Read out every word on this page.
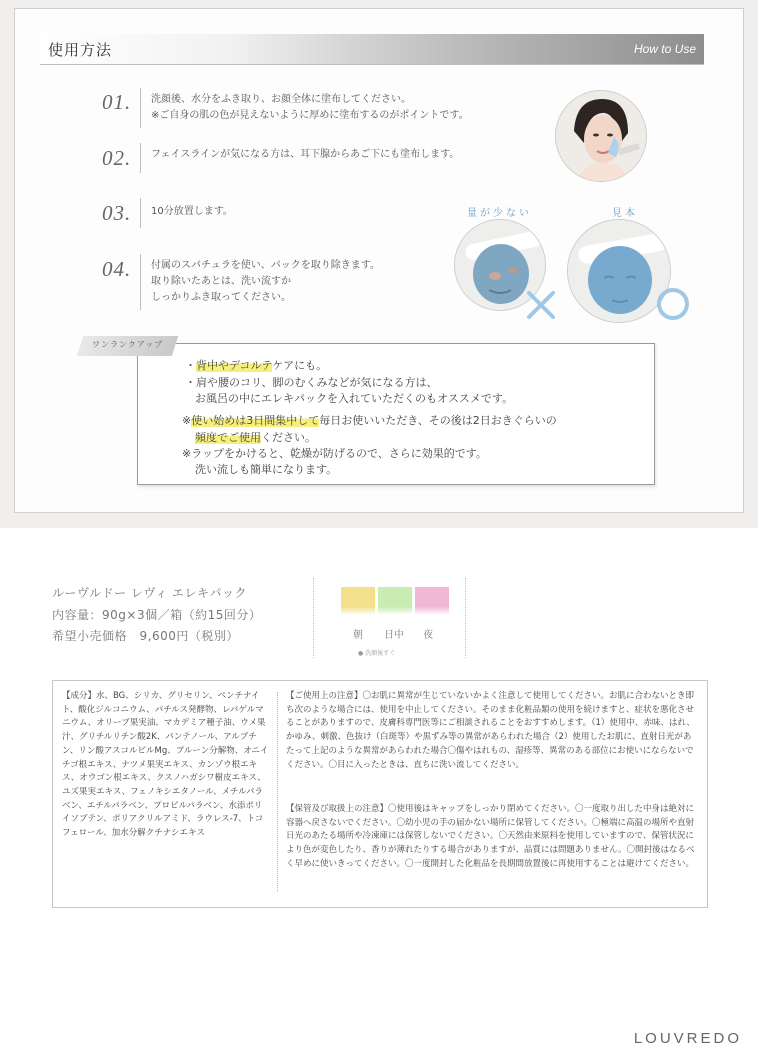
使用方法	How to Use
01. 洗顔後、水分をふき取り、お顔全体に塗布してください。
※ご自身の肌の色が見えないように厚めに塗布するのがポイントです。
02. フェイスラインが気になる方は、耳下腺からあご下にも塗布します。
03. 10分放置します。
04. 付属のスパチュラを使い、パックを取り除きます。
取り除いたあとは、洗い流すか
しっかりふき取ってください。
量が少ない	見本
ワンランクアップ
・背中やデコルテケアにも。
・肩や腰のコリ、脚のむくみなどが気になる方は、
お風呂の中にエレキパックを入れていただくのもオススメです。
※使い始めは3日間集中して毎日お使いいただき、その後は2日おきぐらいの
頻度でご使用ください。
※ラップをかけると、乾燥が防げるので、さらに効果的です。
洗い流しも簡単になります。
ルーヴルドー レヴィ エレキパック
内容量：90g×3個／箱（約15回分）
希望小売価格　9,600円（税別）	朝 日中 夜
● 洗顔後すぐ
【成分】水、BG、シリカ、グリセリン、ペンチナイト、酸化ジルコニウム、パチルス発酵物、レパゲルマニウム、オリーブ果実油、マカデミア種子油、ウメ果汁、グリチルリチン酸2K、パンテノール、アルブチン、リン酸アスコルビルMg、プルーン分解物、オニイチゴ根エキス、ナツメ果実エキス、カンゾウ根エキス、オウゴン根エキス、クスノハガシワ樹皮エキス、ユズ果実エキス、フェノキシエタノール、メチルパラベン、エチルパラベン、プロピルパラベン、水添ポリイソブテン、ポリアクリルアミド、ラウレス-7、トコフェロール、加水分解クチナシエキス
【ご使用上の注意】〇お肌に異常が生じていないかよく注意して使用してください。お肌に合わないとき即ち次のような場合には、使用を中止してください。そのまま化粧品類の使用を続けますと、症状を悪化させることがありますので、皮膚科専門医等にご相談されることをおすすめします。（1）使用中、赤味、はれ、かゆみ、刺激、色抜け（白斑等）や黒ずみ等の異常があらわれた場合（2）使用したお肌に、直射日光があたって上記のような異常があらわれた場合〇傷やはれもの、湿疹等、異常のある部位にお使いにならないでください。〇目に入ったときは、直ちに洗い流してください。
【保管及び取扱上の注意】〇使用後はキャップをしっかり閉めてください。〇一度取り出した中身は絶対に容器へ戻さないでください。〇幼小児の手の届かない場所に保管してください。〇極端に高温の場所や直射日光のあたる場所や冷凍庫には保管しないでください。〇天然由来原料を使用していますので、保管状況により色が変色したり、香りが薄れたりする場合がありますが、品質には問題ありません。〇開封後はなるべく早めに使いきってください。〇一度開封した化粧品を長期間放置後に再使用することは避けてください。
LOUVREDO
